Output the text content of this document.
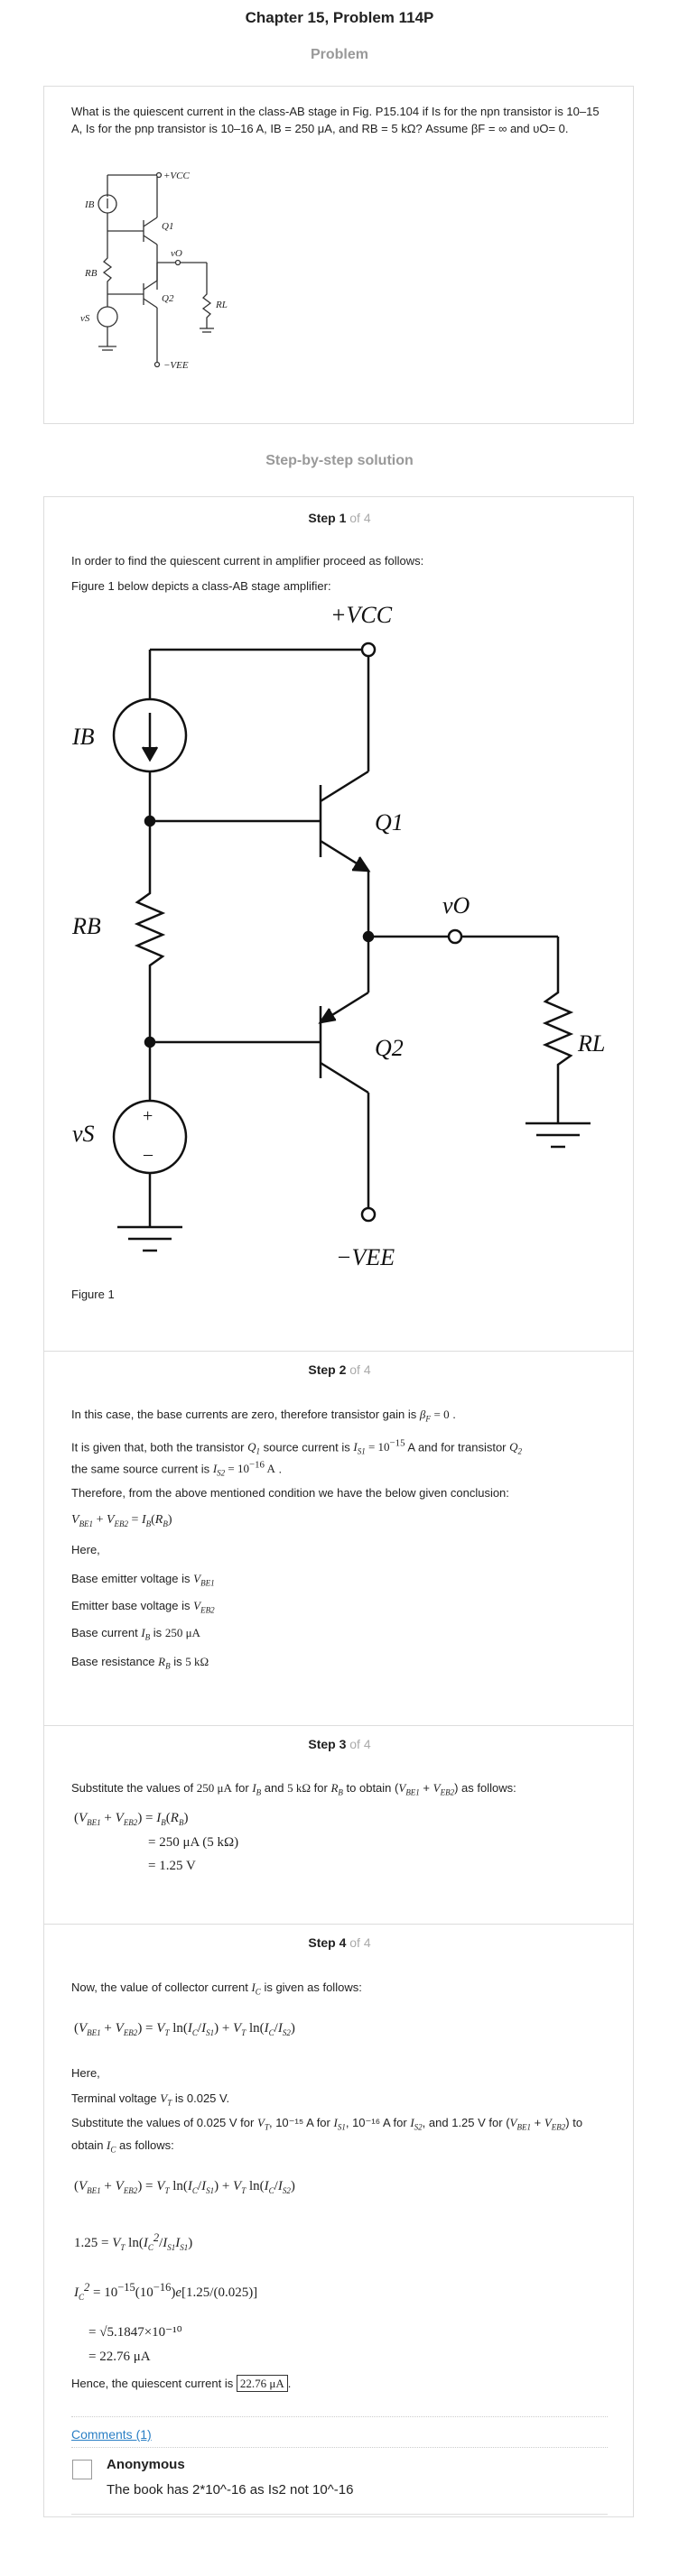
Chapter 15, Problem 114P
Problem

What is the quiescent current in the class-AB stage in Fig. P15.104 if Is for the npn transistor is 10–15 A, Is for the pnp transistor is 10–16 A, IB = 250 μA, and RB = 5 kΩ? Assume βF = ∞ and υO= 0.

+VCC
IB
Q1
vO
RB
Q2
RL
vS
−VEE
Step-by-step solution
Step 1 of 4

In order to find the quiescent current in amplifier proceed as follows:

Figure 1 below depicts a class-AB stage amplifier:

+
–
+VCC
IB
Q1
RB
vO
Q2	RL
vS
−VEE

Figure 1

Step 2 of 4

In this case, the base currents are zero, therefore transistor gain is $\beta_F = 0$ .

It is given that, both the transistor $Q_1$ source current is $I_{S1} = 10^{-15}$ A and for transistor $Q_2$

the same source current is $I_{S2} = 10^{-16}$ A .

Therefore, from the above mentioned condition we have the below given conclusion:

$V_{BE1} + V_{EB2} = I_B(R_B)$

Here,

Base emitter voltage is $V_{BE1}$

Emitter base voltage is $V_{EB2}$

Base current $I_B$ is 250 μA

Base resistance $R_B$ is 5 kΩ

Step 3 of 4

Substitute the values of 250 μA for $I_B$ and 5 kΩ for $R_B$ to obtain $(V_{BE1} + V_{EB2})$ as follows:

$(V_{BE1} + V_{EB2}) = I_B(R_B)$

= 250 μA (5 kΩ)

= 1.25 V

Step 4 of 4

Now, the value of collector current $I_C$ is given as follows:

$(V_{BE1} + V_{EB2}) = V_T$ $\ln(I_C/I_{S1}) + V_T$ $\ln(I_C/I_{S2})$

Here,

Terminal voltage $V_T$ is 0.025 V.

Substitute the values of 0.025 V for $V_T$, 10⁻¹⁵ A for $I_{S1}$, 10⁻¹⁶ A for $I_{S2}$, and 1.25 V for $(V_{BE1} + V_{EB2})$ to obtain $I_C$ as follows:

$(V_{BE1} + V_{EB2}) = V_T$ $\ln(I_C/I_{S1}) + V_T$ $\ln(I_C/I_{S2})$

$1.25 = V_T$ $\ln(I_C^2/I_{S1}I_{S1})$

$I_C^2 = 10^{-15}(10^{-16})e[1.25/(0.025)]$

= √5.1847×10⁻¹⁰

= 22.76 μA

Hence, the quiescent current is 22.76 μA .

Comments (1)

Anonymous

The book has 2*10^-16 as Is2 not 10^-16
